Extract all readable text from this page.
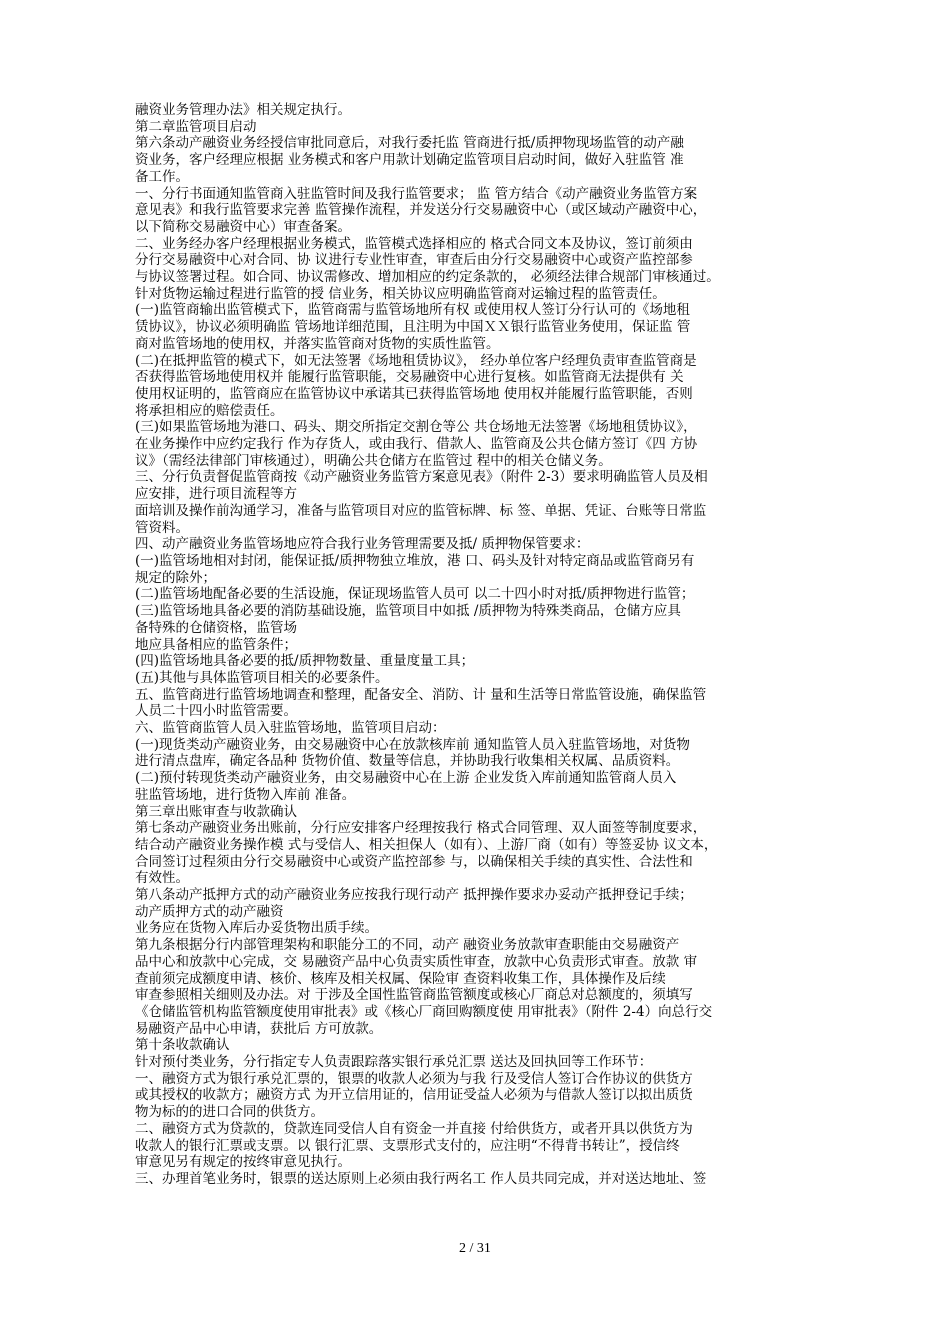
融资业务管理办法》相关规定执行。
第二章监管项目启动
第六条动产融资业务经授信审批同意后，对我行委托监 管商进行抵/质押物现场监管的动产融
资业务，客户经理应根据 业务模式和客户用款计划确定监管项目启动时间，做好入驻监管 准
备工作。
一、分行书面通知监管商入驻监管时间及我行监管要求； 监 管方结合《动产融资业务监管方案
意见表》和我行监管要求完善 监管操作流程，并发送分行交易融资中心（或区域动产融资中心，
以下简称交易融资中心）审查备案。
二、业务经办客户经理根据业务模式，监管模式选择相应的 格式合同文本及协议，签订前须由
分行交易融资中心对合同、协 议进行专业性审查，审查后由分行交易融资中心或资产监控部参
与协议签署过程。如合同、协议需修改、增加相应的约定条款的， 必须经法律合规部门审核通过。
针对货物运输过程进行监管的授 信业务，相关协议应明确监管商对运输过程的监管责任。
(一)监管商输出监管模式下，监管商需与监管场地所有权 或使用权人签订分行认可的《场地租
赁协议》，协议必须明确监 管场地详细范围，且注明为中国ＸＸ银行监管业务使用，保证监 管
商对监管场地的使用权，并落实监管商对货物的实质性监管。
(二)在抵押监管的模式下，如无法签署《场地租赁协议》， 经办单位客户经理负责审查监管商是
否获得监管场地使用权并 能履行监管职能，交易融资中心进行复核。如监管商无法提供有 关
使用权证明的，监管商应在监管协议中承诺其已获得监管场地 使用权并能履行监管职能，否则
将承担相应的赔偿责任。
(三)如果监管场地为港口、码头、期交所指定交割仓等公 共仓场地无法签署《场地租赁协议》，
在业务操作中应约定我行 作为存货人，或由我行、借款人、监管商及公共仓储方签订《四 方协
议》（需经法律部门审核通过），明确公共仓储方在监管过 程中的相关仓储义务。
三、分行负责督促监管商按《动产融资业务监管方案意见表》（附件 2-3）要求明确监管人员及相
应安排，进行项目流程等方
面培训及操作前沟通学习，准备与监管项目对应的监管标牌、标 签、单据、凭证、台账等日常监
管资料。
四、动产融资业务监管场地应符合我行业务管理需要及抵/ 质押物保管要求：
(一)监管场地相对封闭，能保证抵/质押物独立堆放，港 口、码头及针对特定商品或监管商另有
规定的除外；
(二)监管场地配备必要的生活设施，保证现场监管人员可 以二十四小时对抵/质押物进行监管；
(三)监管场地具备必要的消防基础设施，监管项目中如抵 /质押物为特殊类商品，仓储方应具
备特殊的仓储资格，监管场
地应具备相应的监管条件；
(四)监管场地具备必要的抵/质押物数量、重量度量工具；
(五)其他与具体监管项目相关的必要条件。
五、监管商进行监管场地调查和整理，配备安全、消防、计 量和生活等日常监管设施，确保监管
人员二十四小时监管需要。
六、监管商监管人员入驻监管场地，监管项目启动：
(一)现货类动产融资业务，由交易融资中心在放款核库前 通知监管人员入驻监管场地，对货物
进行清点盘库，确定各品种 货物价值、数量等信息，并协助我行收集相关权属、品质资料。
(二)预付转现货类动产融资业务，由交易融资中心在上游 企业发货入库前通知监管商人员入
驻监管场地，进行货物入库前 准备。
第三章出账审查与收款确认
第七条动产融资业务出账前，分行应安排客户经理按我行 格式合同管理、双人面签等制度要求，
结合动产融资业务操作模 式与受信人、相关担保人（如有）、上游厂商（如有）等签妥协 议文本，
合同签订过程须由分行交易融资中心或资产监控部参 与，以确保相关手续的真实性、合法性和
有效性。
第八条动产抵押方式的动产融资业务应按我行现行动产 抵押操作要求办妥动产抵押登记手续；
动产质押方式的动产融资
业务应在货物入库后办妥货物出质手续。
第九条根据分行内部管理架构和职能分工的不同，动产 融资业务放款审查职能由交易融资产
品中心和放款中心完成，交 易融资产品中心负责实质性审查，放款中心负责形式审查。放款 审
查前须完成额度申请、核价、核库及相关权属、保险审 查资料收集工作，具体操作及后续
审查参照相关细则及办法。对 于涉及全国性监管商监管额度或核心厂商总对总额度的，须填写
《仓储监管机构监管额度使用审批表》或《核心厂商回购额度使 用审批表》（附件 2-4）向总行交
易融资产品中心申请，获批后 方可放款。
第十条收款确认
针对预付类业务，分行指定专人负责跟踪落实银行承兑汇票 送达及回执回等工作环节：
一、融资方式为银行承兑汇票的，银票的收款人必须为与我 行及受信人签订合作协议的供货方
或其授权的收款方；融资方式 为开立信用证的，信用证受益人必须为与借款人签订以拟出质货
物为标的的进口合同的供货方。
二、融资方式为贷款的，贷款连同受信人自有资金一并直接 付给供货方，或者开具以供货方为
收款人的银行汇票或支票。以 银行汇票、支票形式支付的，应注明“不得背书转让”，授信终
审意见另有规定的按终审意见执行。
三、办理首笔业务时，银票的送达原则上必须由我行两名工 作人员共同完成，并对送达地址、签
2 / 31
